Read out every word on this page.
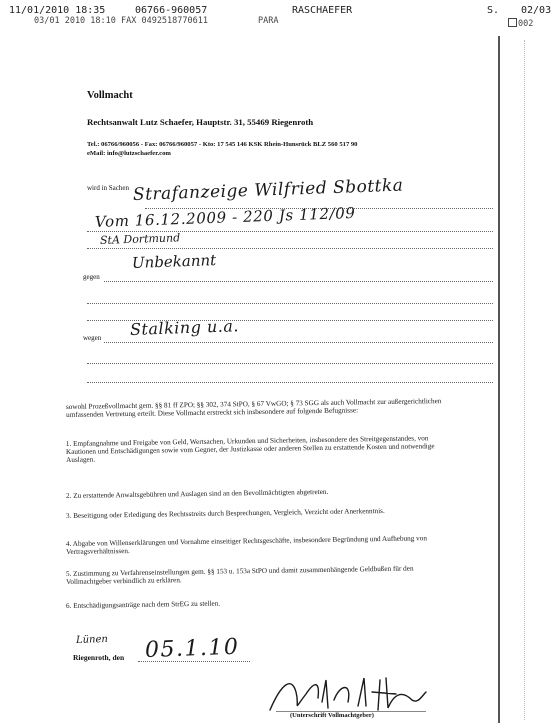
11/01/2010 18:35	06766-960057	RASCHAEFER	S. 02/03
03/01 2010 18:10 FAX 0492518770611	PARA	002
Vollmacht
Rechtsanwalt Lutz Schaefer, Hauptstr. 31, 55469 Riegenroth
Tel.: 06766/960056 - Fax: 06766/960057 - Kto: 17 545 146 KSK Rhein-Hunsrück BLZ 560 517 90
eMail: info@lutzschaefer.com
wird in Sachen Strafanzeige Wilfried Sbottka
Vom 16.12.2009 - 220 Js 112/09
StA Dortmund
Unbekannt
gegen
Stalking u.a.
wegen
sowohl Prozeßvollmacht gem. §§ 81 ff ZPO; §§ 302, 374 StPO, § 67 VwGO; § 73 SGG als auch Vollmacht zur außergerichtlichen umfassenden Vertretung erteilt. Diese Vollmacht erstreckt sich insbesondere auf folgende Befugnisse:
1. Empfangnahme und Freigabe von Geld, Wertsachen, Urkunden und Sicherheiten, insbesondere des Streitgegenstandes, von Kautionen und Entschädigungen sowie vom Gegner, der Justizkasse oder anderen Stellen zu erstattende Kosten und notwendige Auslagen.
2. Zu erstattende Anwaltsgebühren und Auslagen sind an den Bevollmächtigten abgetreten.
3. Beseitigung oder Erledigung des Rechtsstreits durch Besprechungen, Vergleich, Verzicht oder Anerkenntnis.
4. Abgabe von Willenserklärungen und Vornahme einseitiger Rechtsgeschäfte, insbesondere Begründung und Aufhebung von Vertragsverhältnissen.
5. Zustimmung zu Verfahrenseinstellungen gem. §§ 153 u. 153a StPO und damit zusammenhängende Geldbußen für den Vollmachtgeber verbindlich zu erklären.
6. Entschädigungsanträge nach dem StrEG zu stellen.
Lünen 05.1.10
Riegenroth, den
(Unterschrift Vollmachtgeber)
